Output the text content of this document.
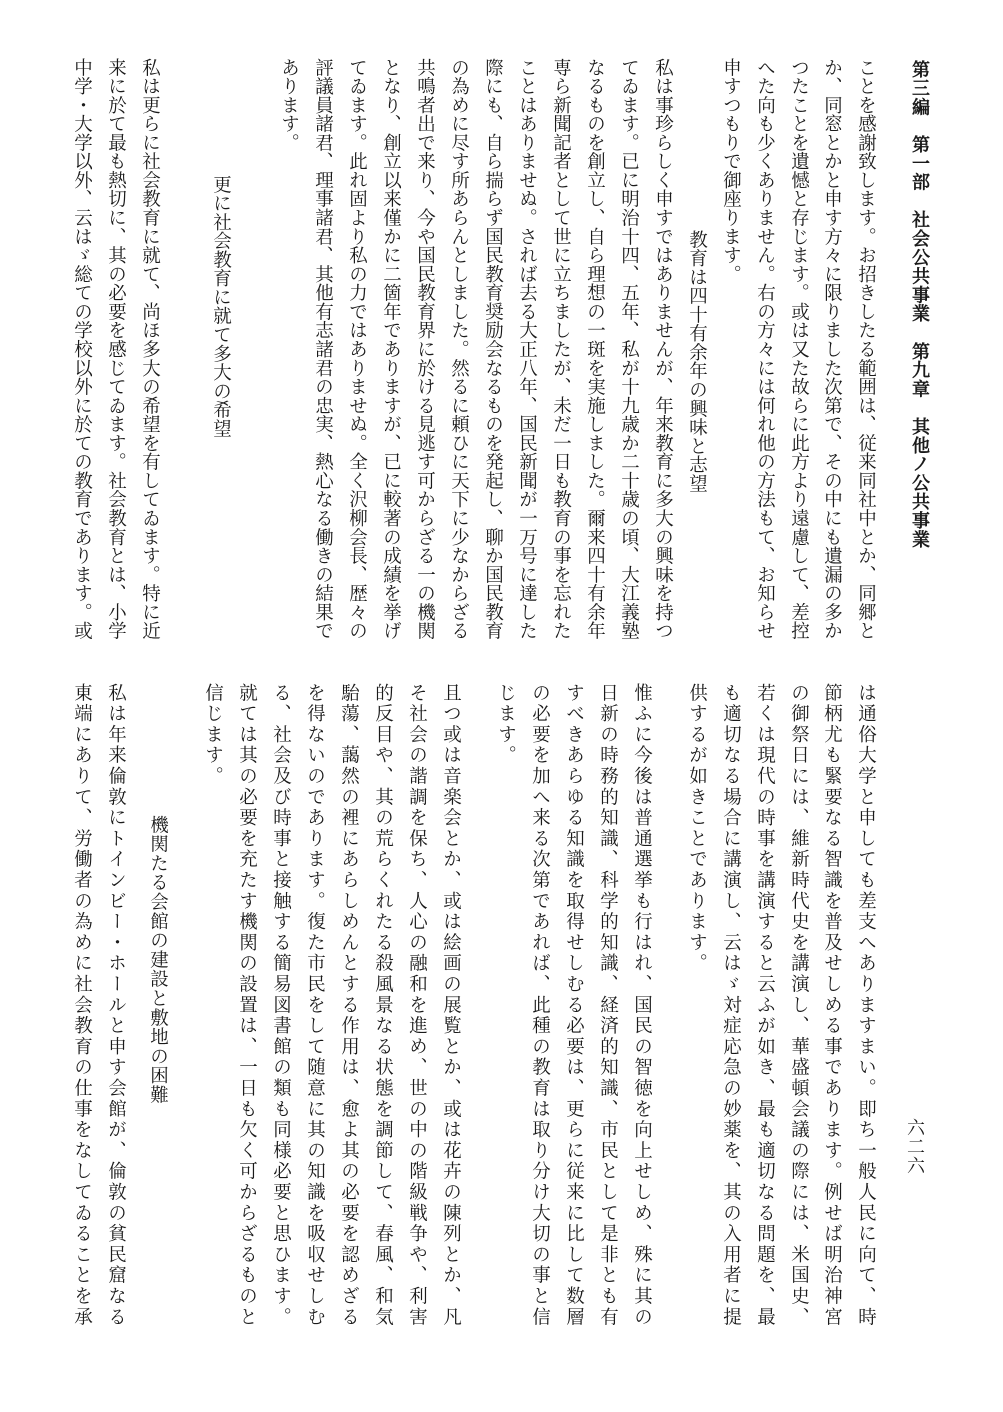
第三編　第一部　社会公共事業　第九章　其他ノ公共事業
六二六
ことを感謝致します。お招きしたる範囲は、従来同社中とか、同郷と
か、同窓とかと申す方々に限りました次第で、その中にも遺漏の多か
つたことを遺憾と存じます。或は又た故らに此方より遠慮して、差控
へた向も少くありません。右の方々には何れ他の方法もて、お知らせ
申すつもりで御座ります。
教育は四十有余年の興味と志望
私は事珍らしく申すではありませんが、年来教育に多大の興味を持つ
てゐます。已に明治十四、五年、私が十九歳か二十歳の頃、大江義塾
なるものを創立し、自ら理想の一斑を実施しました。爾来四十有余年
専ら新聞記者として世に立ちましたが、未だ一日も教育の事を忘れた
ことはありませぬ。されば去る大正八年、国民新聞が一万号に達した
際にも、自ら揣らず国民教育奨励会なるものを発起し、聊か国民教育
の為めに尽す所あらんとしました。然るに頼ひに天下に少なからざる
共鳴者出で来り、今や国民教育界に於ける見逃す可からざる一の機関
となり、創立以来僅かに二箇年でありますが、已に較著の成績を挙げ
てゐます。此れ固より私の力ではありませぬ。全く沢柳会長、歴々の
評議員諸君、理事諸君、其他有志諸君の忠実、熱心なる働きの結果で
あります。
更に社会教育に就て多大の希望
私は更らに社会教育に就て、尚ほ多大の希望を有してゐます。特に近
来に於て最も熱切に、其の必要を感じてゐます。社会教育とは、小学
中学・大学以外、云はゞ総ての学校以外に於ての教育であります。或
は通俗大学と申しても差支へありますまい。即ち一般人民に向て、時
節柄尤も緊要なる智識を普及せしめる事であります。例せば明治神宮
の御祭日には、維新時代史を講演し、華盛頓会議の際には、米国史、
若くは現代の時事を講演すると云ふが如き、最も適切なる問題を、最
も適切なる場合に講演し、云はゞ対症応急の妙薬を、其の入用者に提
供するが如きことであります。
惟ふに今後は普通選挙も行はれ、国民の智徳を向上せしめ、殊に其の
日新の時務的知識、科学的知識、経済的知識、市民として是非とも有
すべきあらゆる知識を取得せしむる必要は、更らに従来に比して数層
の必要を加へ来る次第であれば、此種の教育は取り分け大切の事と信
じます。
且つ或は音楽会とか、或は絵画の展覧とか、或は花卉の陳列とか、凡
そ社会の諧調を保ち、人心の融和を進め、世の中の階級戦争や、利害
的反目や、其の荒らくれたる殺風景なる状態を調節して、春風、和気
駘蕩、藹然の裡にあらしめんとする作用は、愈よ其の必要を認めざる
を得ないのであります。復た市民をして随意に其の知識を吸収せしむ
る、社会及び時事と接触する簡易図書館の類も同様必要と思ひます。
就ては其の必要を充たす機関の設置は、一日も欠く可からざるものと
信じます。
機関たる会館の建設と敷地の困難
私は年来倫敦にトインビー・ホールと申す会館が、倫敦の貧民窟なる
東端にありて、労働者の為めに社会教育の仕事をなしてゐることを承
